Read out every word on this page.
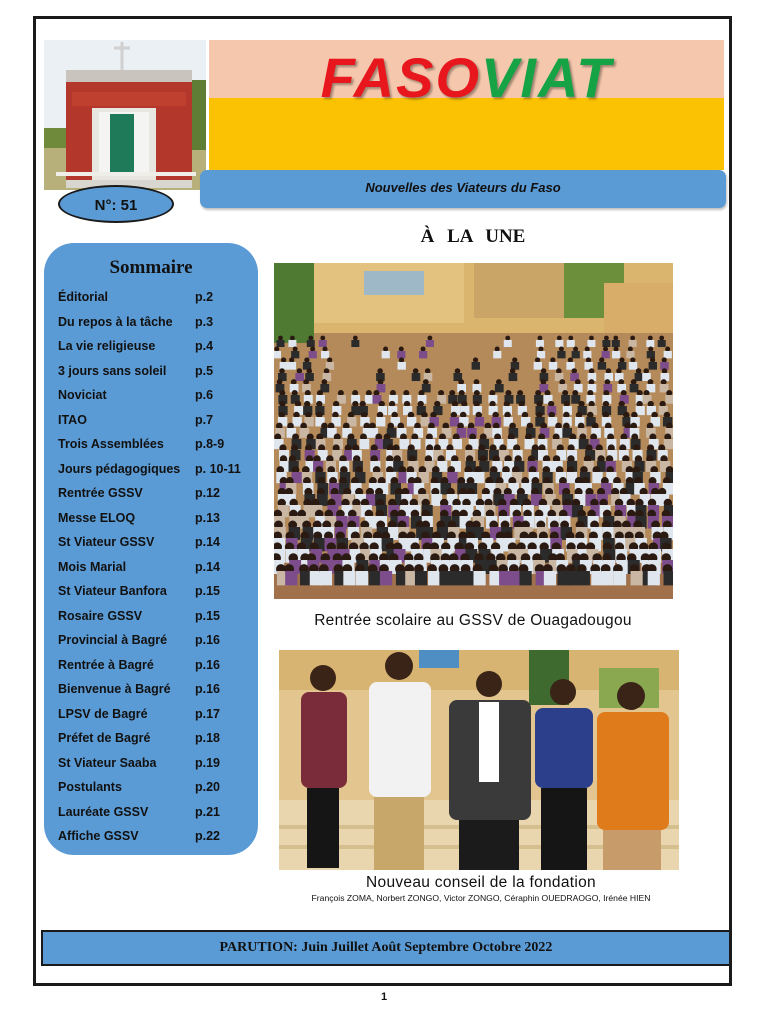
FASOVIAT
Nouvelles des Viateurs du Faso
N°: 51
À LA UNE
Sommaire
Éditorial	p.2
Du repos à la tâche p.3
La vie religieuse	p.4
3 jours sans soleil p.5
Noviciat	p.6
ITAO	p.7
Trois Assemblées p.8-9
Jours pédagogiques p. 10-11
Rentrée GSSV	p.12
Messe ELOQ	p.13
St Viateur GSSV	p.14
Mois Marial	p.14
St Viateur Banfora p.15
Rosaire GSSV	p.15
Provincial à Bagré p.16
Rentrée à Bagré	p.16
Bienvenue à Bagré p.16
LPSV de Bagré	p.17
Préfet de Bagré	p.18
St Viateur Saaba	p.19
Postulants	p.20
Lauréate GSSV	p.21
Affiche GSSV	p.22
Rentrée scolaire au GSSV de Ouagadougou
Nouveau conseil de la fondation
François ZOMA, Norbert ZONGO, Victor ZONGO, Céraphin OUEDRAOGO, Irénée HIEN
PARUTION: Juin Juillet Août Septembre Octobre 2022
1
